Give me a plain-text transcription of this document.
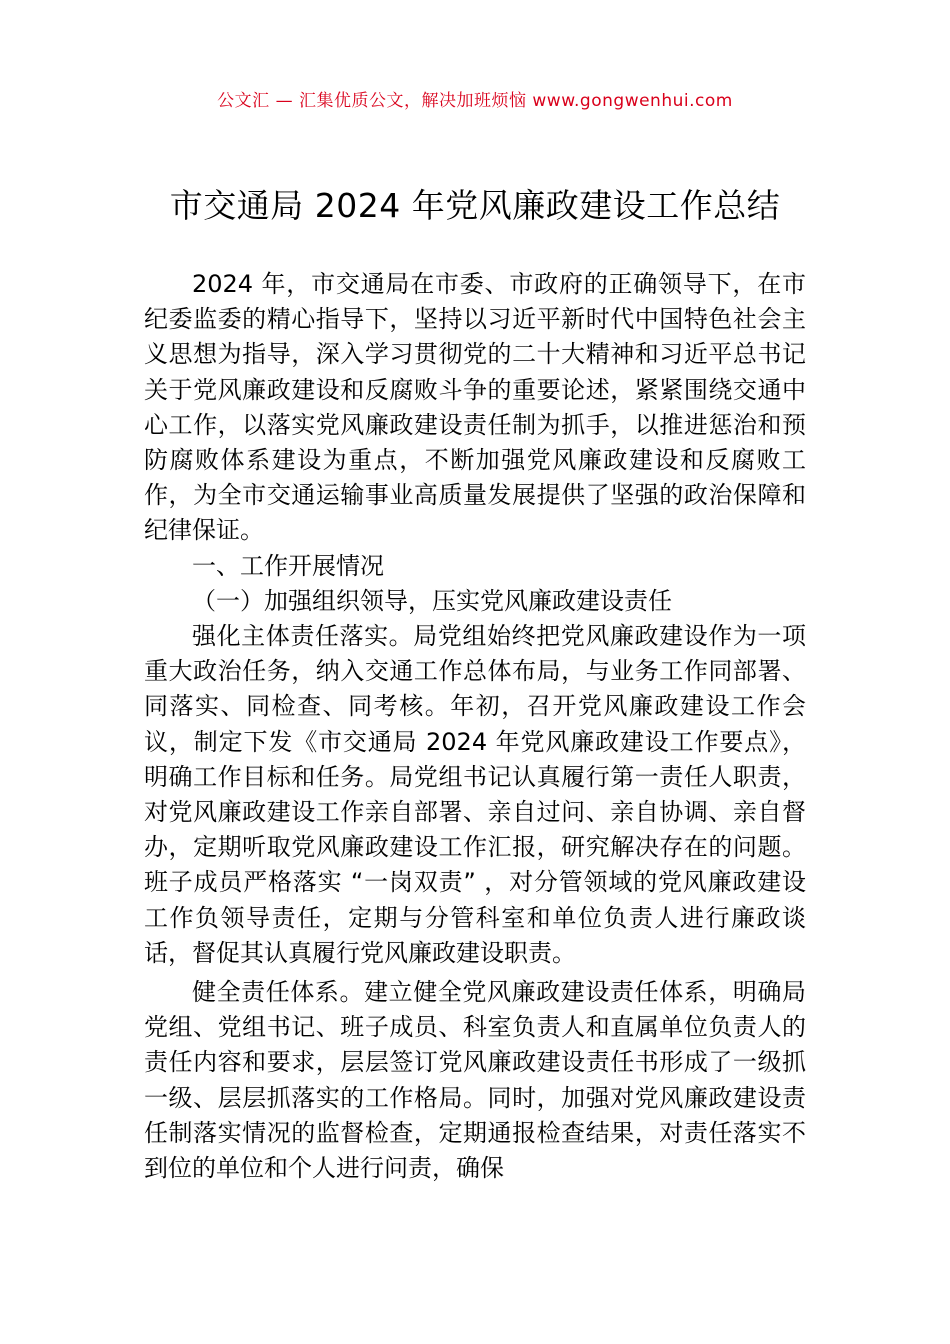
公文汇 — 汇集优质公文，解决加班烦恼 www.gongwenhui.com
市交通局 2024 年党风廉政建设工作总结

2024 年，市交通局在市委、市政府的正确领导下，在市纪委监委的精心指导下，坚持以习近平新时代中国特色社会主义思想为指导，深入学习贯彻党的二十大精神和习近平总书记关于党风廉政建设和反腐败斗争的重要论述，紧紧围绕交通中心工作，以落实党风廉政建设责任制为抓手，以推进惩治和预防腐败体系建设为重点，不断加强党风廉政建设和反腐败工作，为全市交通运输事业高质量发展提供了坚强的政治保障和纪律保证。

一、工作开展情况

（一）加强组织领导，压实党风廉政建设责任

强化主体责任落实。局党组始终把党风廉政建设作为一项重大政治任务，纳入交通工作总体布局，与业务工作同部署、同落实、同检查、同考核。年初，召开党风廉政建设工作会议，制定下发《市交通局 2024 年党风廉政建设工作要点》，明确工作目标和任务。局党组书记认真履行第一责任人职责，对党风廉政建设工作亲自部署、亲自过问、亲自协调、亲自督办，定期听取党风廉政建设工作汇报，研究解决存在的问题。班子成员严格落实 “一岗双责” ，对分管领域的党风廉政建设工作负领导责任，定期与分管科室和单位负责人进行廉政谈话，督促其认真履行党风廉政建设职责。

健全责任体系。建立健全党风廉政建设责任体系，明确局党组、党组书记、班子成员、科室负责人和直属单位负责人的责任内容和要求，层层签订党风廉政建设责任书形成了一级抓一级、层层抓落实的工作格局。同时，加强对党风廉政建设责任制落实情况的监督检查，定期通报检查结果，对责任落实不到位的单位和个人进行问责，确保
